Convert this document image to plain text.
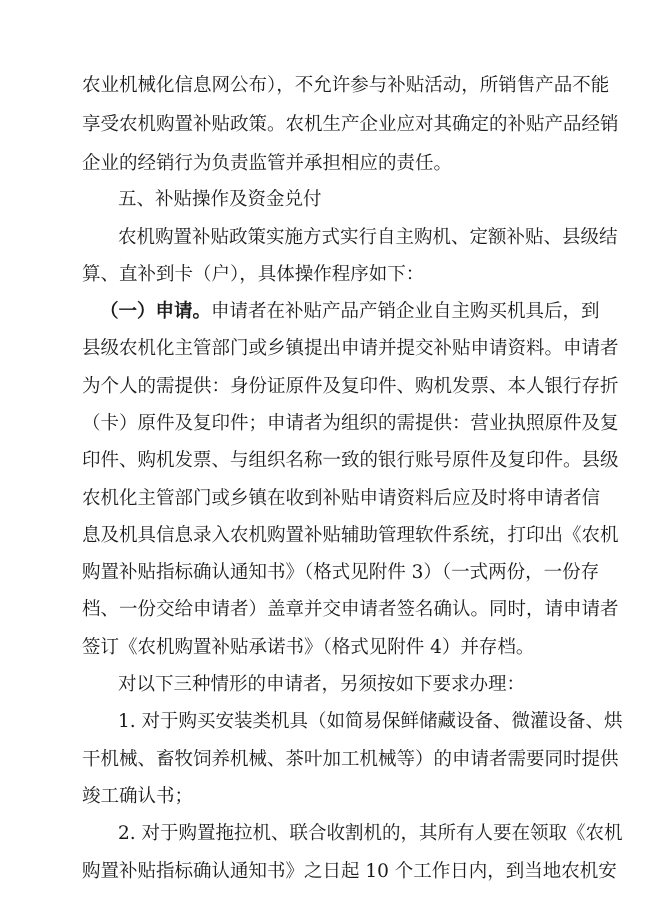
农业机械化信息网公布），不允许参与补贴活动，所销售产品不能
享受农机购置补贴政策。农机生产企业应对其确定的补贴产品经销
企业的经销行为负责监管并承担相应的责任。
五、补贴操作及资金兑付
农机购置补贴政策实施方式实行自主购机、定额补贴、县级结
算、直补到卡（户），具体操作程序如下：
（一）申请。申请者在补贴产品产销企业自主购买机具后，到
县级农机化主管部门或乡镇提出申请并提交补贴申请资料。申请者
为个人的需提供：身份证原件及复印件、购机发票、本人银行存折
（卡）原件及复印件；申请者为组织的需提供：营业执照原件及复
印件、购机发票、与组织名称一致的银行账号原件及复印件。县级
农机化主管部门或乡镇在收到补贴申请资料后应及时将申请者信
息及机具信息录入农机购置补贴辅助管理软件系统，打印出《农机
购置补贴指标确认通知书》（格式见附件 3）（一式两份，一份存
档、一份交给申请者）盖章并交申请者签名确认。同时，请申请者
签订《农机购置补贴承诺书》（格式见附件 4）并存档。
对以下三种情形的申请者，另须按如下要求办理：
1. 对于购买安装类机具（如简易保鲜储藏设备、微灌设备、烘
干机械、畜牧饲养机械、茶叶加工机械等）的申请者需要同时提供
竣工确认书；
2. 对于购置拖拉机、联合收割机的，其所有人要在领取《农机
购置补贴指标确认通知书》之日起 10 个工作日内，到当地农机安
